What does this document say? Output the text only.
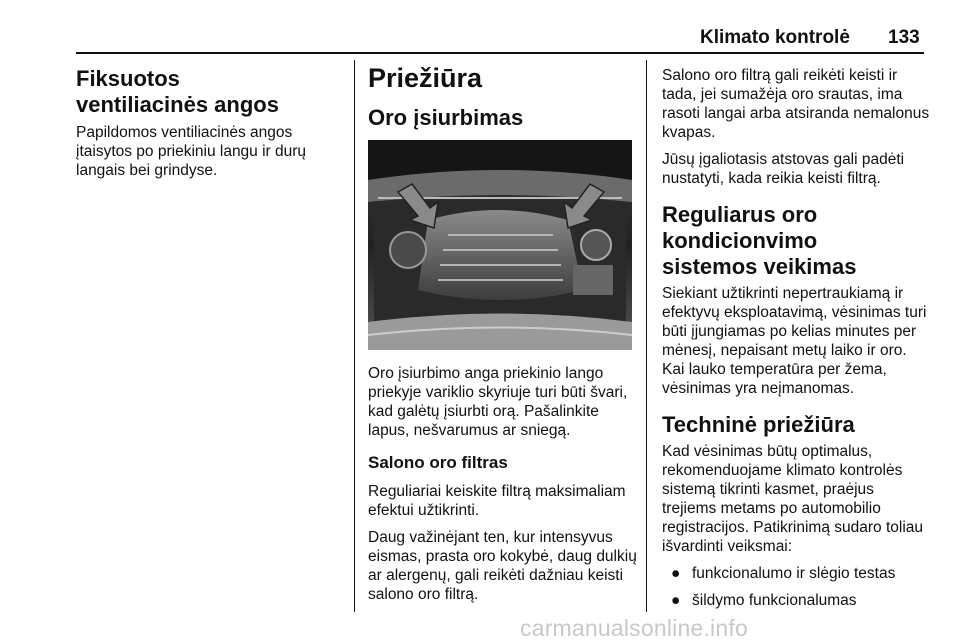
Klimato kontrolė 133
Fiksuotos ventiliacinės angos

Papildomos ventiliacinės angos įtaisytos po priekiniu langu ir durų langais bei grindyse.

Priežiūra
Oro įsiurbimas

Oro įsiurbimo anga priekinio lango priekyje variklio skyriuje turi būti švari, kad galėtų įsiurbti orą. Pašalinkite lapus, nešvarumus ar sniegą.

Salono oro filtras

Reguliariai keiskite filtrą maksimaliam efektui užtikrinti.

Daug važinėjant ten, kur intensyvus eismas, prasta oro kokybė, daug dulkių ar alergenų, gali reikėti dažniau keisti salono oro filtrą.

Salono oro filtrą gali reikėti keisti ir tada, jei sumažėja oro srautas, ima rasoti langai arba atsiranda nemalonus kvapas.

Jūsų įgaliotasis atstovas gali padėti nustatyti, kada reikia keisti filtrą.

Reguliarus oro kondicionvimo sistemos veikimas

Siekiant užtikrinti nepertraukiamą ir efektyvų eksploatavimą, vėsinimas turi būti įjungiamas po kelias minutes per mėnesį, nepaisant metų laiko ir oro. Kai lauko temperatūra per žema, vėsinimas yra neįmanomas.

Techninė priežiūra

Kad vėsinimas būtų optimalus, rekomenduojame klimato kontrolės sistemą tikrinti kasmet, praėjus trejiems metams po automobilio registracijos. Patikrinimą sudaro toliau išvardinti veiksmai:

● funkcionalumo ir slėgio testas
● šildymo funkcionalumas
carmanualsonline.info
